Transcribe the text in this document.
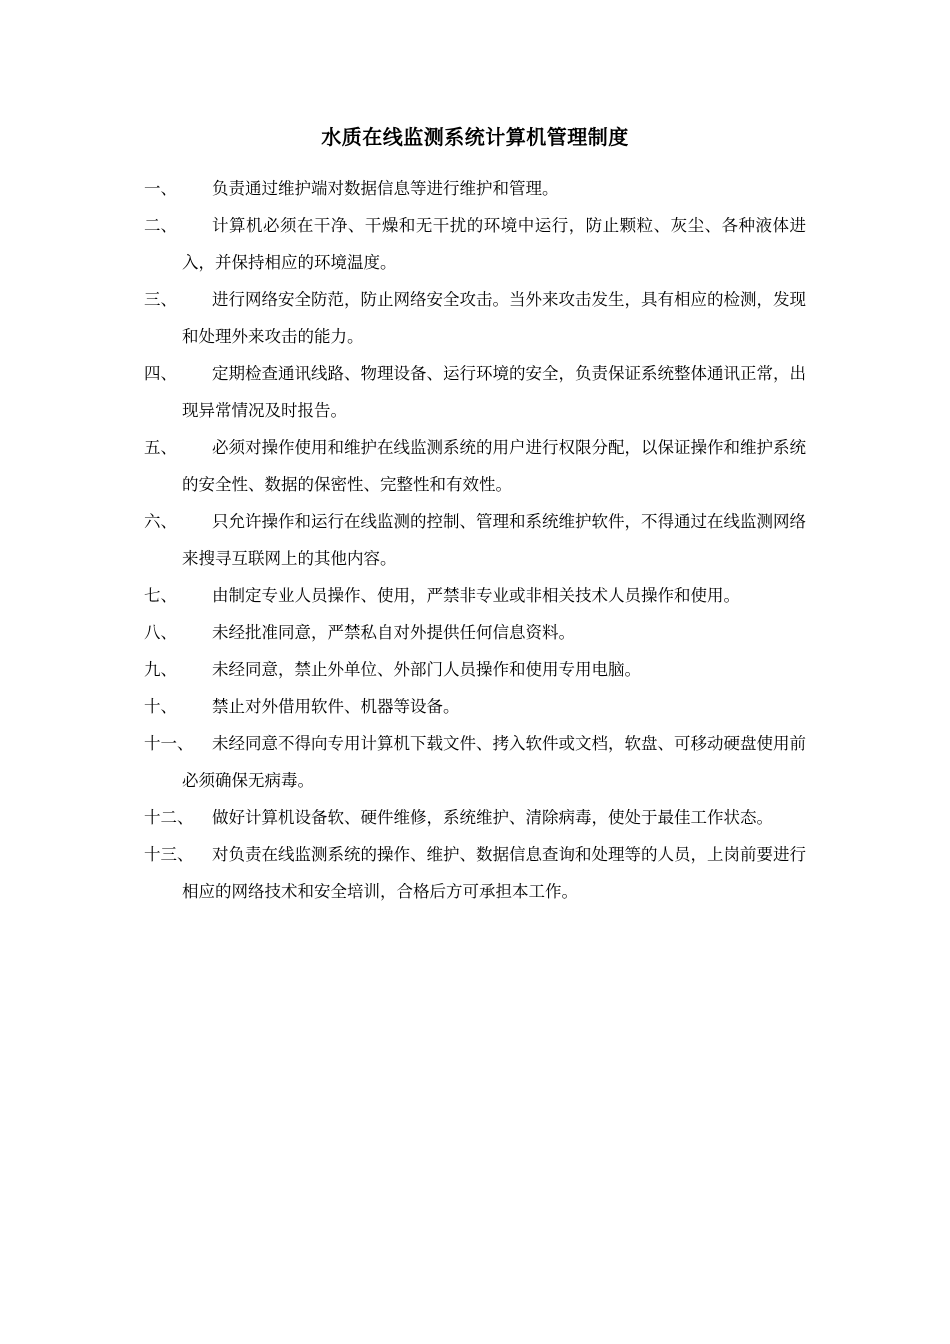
水质在线监测系统计算机管理制度
一、	负责通过维护端对数据信息等进行维护和管理。
二、	计算机必须在干净、干燥和无干扰的环境中运行，防止颗粒、灰尘、各种液体进入，并保持相应的环境温度。
三、	进行网络安全防范，防止网络安全攻击。当外来攻击发生，具有相应的检测，发现和处理外来攻击的能力。
四、	定期检查通讯线路、物理设备、运行环境的安全，负责保证系统整体通讯正常，出现异常情况及时报告。
五、	必须对操作使用和维护在线监测系统的用户进行权限分配，以保证操作和维护系统的安全性、数据的保密性、完整性和有效性。
六、	只允许操作和运行在线监测的控制、管理和系统维护软件，不得通过在线监测网络来搜寻互联网上的其他内容。
七、	由制定专业人员操作、使用，严禁非专业或非相关技术人员操作和使用。
八、	未经批准同意，严禁私自对外提供任何信息资料。
九、	未经同意，禁止外单位、外部门人员操作和使用专用电脑。
十、	禁止对外借用软件、机器等设备。
十一、	未经同意不得向专用计算机下载文件、拷入软件或文档，软盘、可移动硬盘使用前必须确保无病毒。
十二、	做好计算机设备软、硬件维修，系统维护、清除病毒，使处于最佳工作状态。
十三、	对负责在线监测系统的操作、维护、数据信息查询和处理等的人员，上岗前要进行相应的网络技术和安全培训，合格后方可承担本工作。
